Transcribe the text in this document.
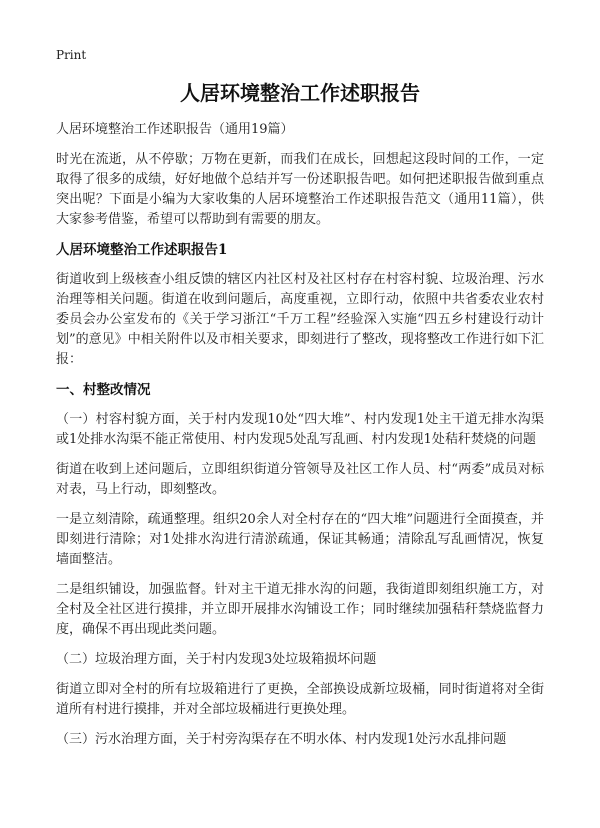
Print
人居环境整治工作述职报告

人居环境整治工作述职报告（通用19篇）

时光在流逝，从不停歇；万物在更新，而我们在成长，回想起这段时间的工作，一定取得了很多的成绩，好好地做个总结并写一份述职报告吧。如何把述职报告做到重点突出呢？下面是小编为大家收集的人居环境整治工作述职报告范文（通用11篇），供大家参考借鉴，希望可以帮助到有需要的朋友。

人居环境整治工作述职报告1

街道收到上级核查小组反馈的辖区内社区村及社区村存在村容村貌、垃圾治理、污水治理等相关问题。街道在收到问题后，高度重视，立即行动，依照中共省委农业农村委员会办公室发布的《关于学习浙江“千万工程”经验深入实施“四五乡村建设行动计划”的意见》中相关附件以及市相关要求，即刻进行了整改，现将整改工作进行如下汇报：

一、村整改情况

（一）村容村貌方面，关于村内发现10处“四大堆”、村内发现1处主干道无排水沟渠或1处排水沟渠不能正常使用、村内发现5处乱写乱画、村内发现1处秸秆焚烧的问题

街道在收到上述问题后，立即组织街道分管领导及社区工作人员、村“两委”成员对标对表，马上行动，即刻整改。

一是立刻清除，疏通整理。组织20余人对全村存在的“四大堆”问题进行全面摸查，并即刻进行清除；对1处排水沟进行清淤疏通，保证其畅通；清除乱写乱画情况，恢复墙面整洁。

二是组织铺设，加强监督。针对主干道无排水沟的问题，我街道即刻组织施工方，对全村及全社区进行摸排，并立即开展排水沟铺设工作；同时继续加强秸秆禁烧监督力度，确保不再出现此类问题。

（二）垃圾治理方面，关于村内发现3处垃圾箱损坏问题

街道立即对全村的所有垃圾箱进行了更换，全部换设成新垃圾桶，同时街道将对全街道所有村进行摸排，并对全部垃圾桶进行更换处理。

（三）污水治理方面，关于村旁沟渠存在不明水体、村内发现1处污水乱排问题
